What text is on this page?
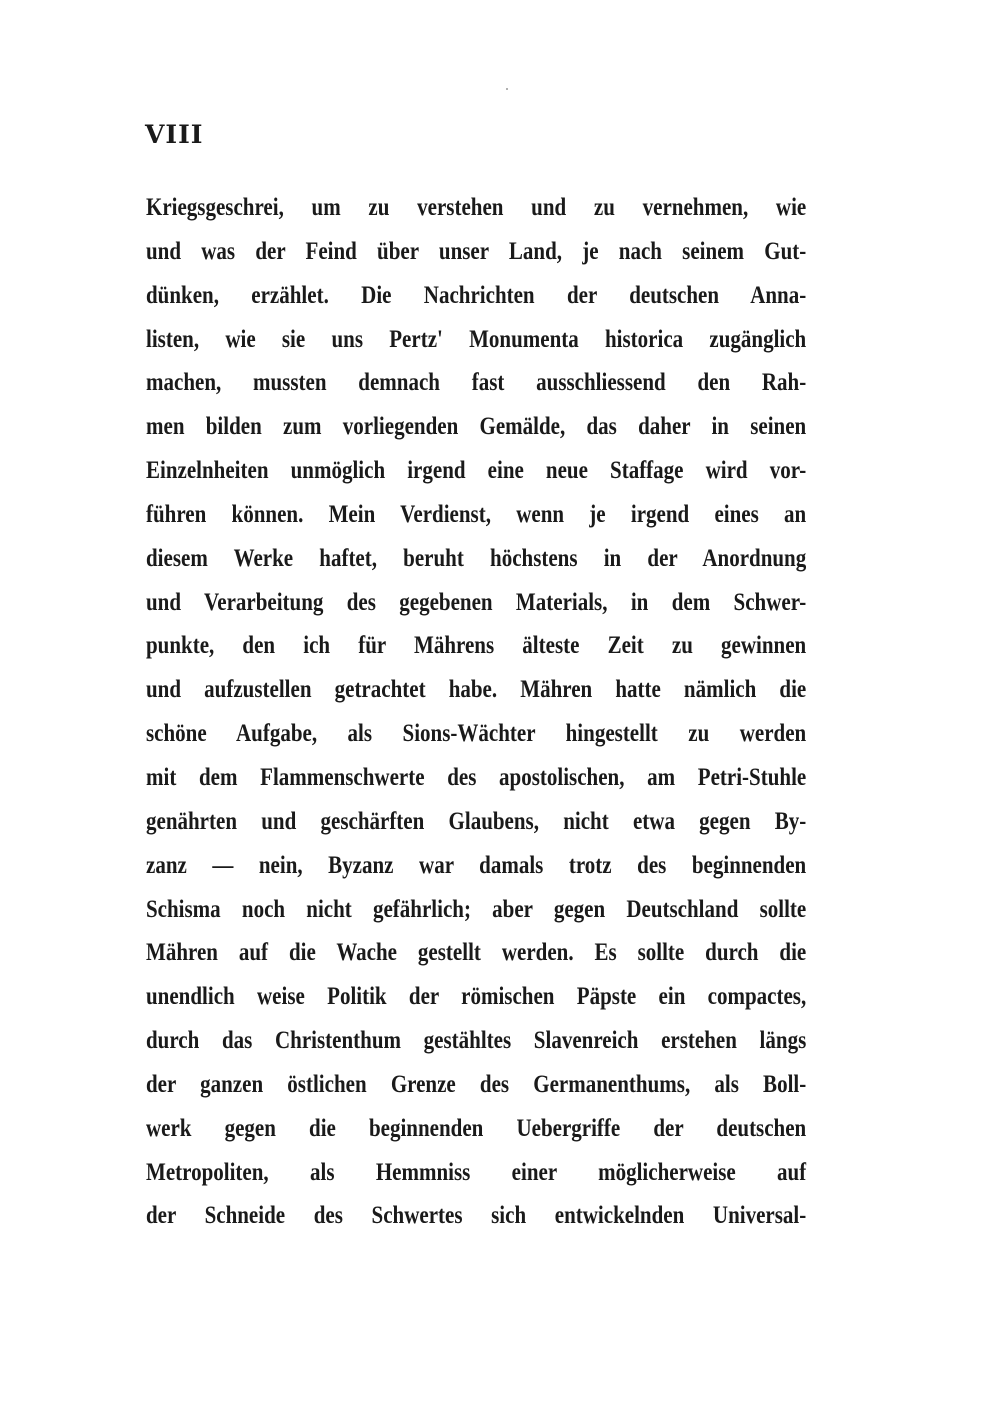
VIII
Kriegsgeschrei, um zu verstehen und zu vernehmen, wie
und was der Feind über unser Land, je nach seinem Gut-
dünken, erzählet. Die Nachrichten der deutschen Anna-
listen, wie sie uns Pertz' Monumenta historica zugänglich
machen, mussten demnach fast ausschliessend den Rah-
men bilden zum vorliegenden Gemälde, das daher in seinen
Einzelnheiten unmöglich irgend eine neue Staffage wird vor-
führen können. Mein Verdienst, wenn je irgend eines an
diesem Werke haftet, beruht höchstens in der Anordnung
und Verarbeitung des gegebenen Materials, in dem Schwer-
punkte, den ich für Mährens älteste Zeit zu gewinnen
und aufzustellen getrachtet habe. Mähren hatte nämlich die
schöne Aufgabe, als Sions-Wächter hingestellt zu werden
mit dem Flammenschwerte des apostolischen, am Petri-Stuhle
genährten und geschärften Glaubens, nicht etwa gegen By-
zanz — nein, Byzanz war damals trotz des beginnenden
Schisma noch nicht gefährlich; aber gegen Deutschland sollte
Mähren auf die Wache gestellt werden. Es sollte durch die
unendlich weise Politik der römischen Päpste ein compactes,
durch das Christenthum gestähltes Slavenreich erstehen längs
der ganzen östlichen Grenze des Germanenthums, als Boll-
werk gegen die beginnenden Uebergriffe der deutschen
Metropoliten, als Hemmniss einer möglicherweise auf
der Schneide des Schwertes sich entwickelnden Universal-
